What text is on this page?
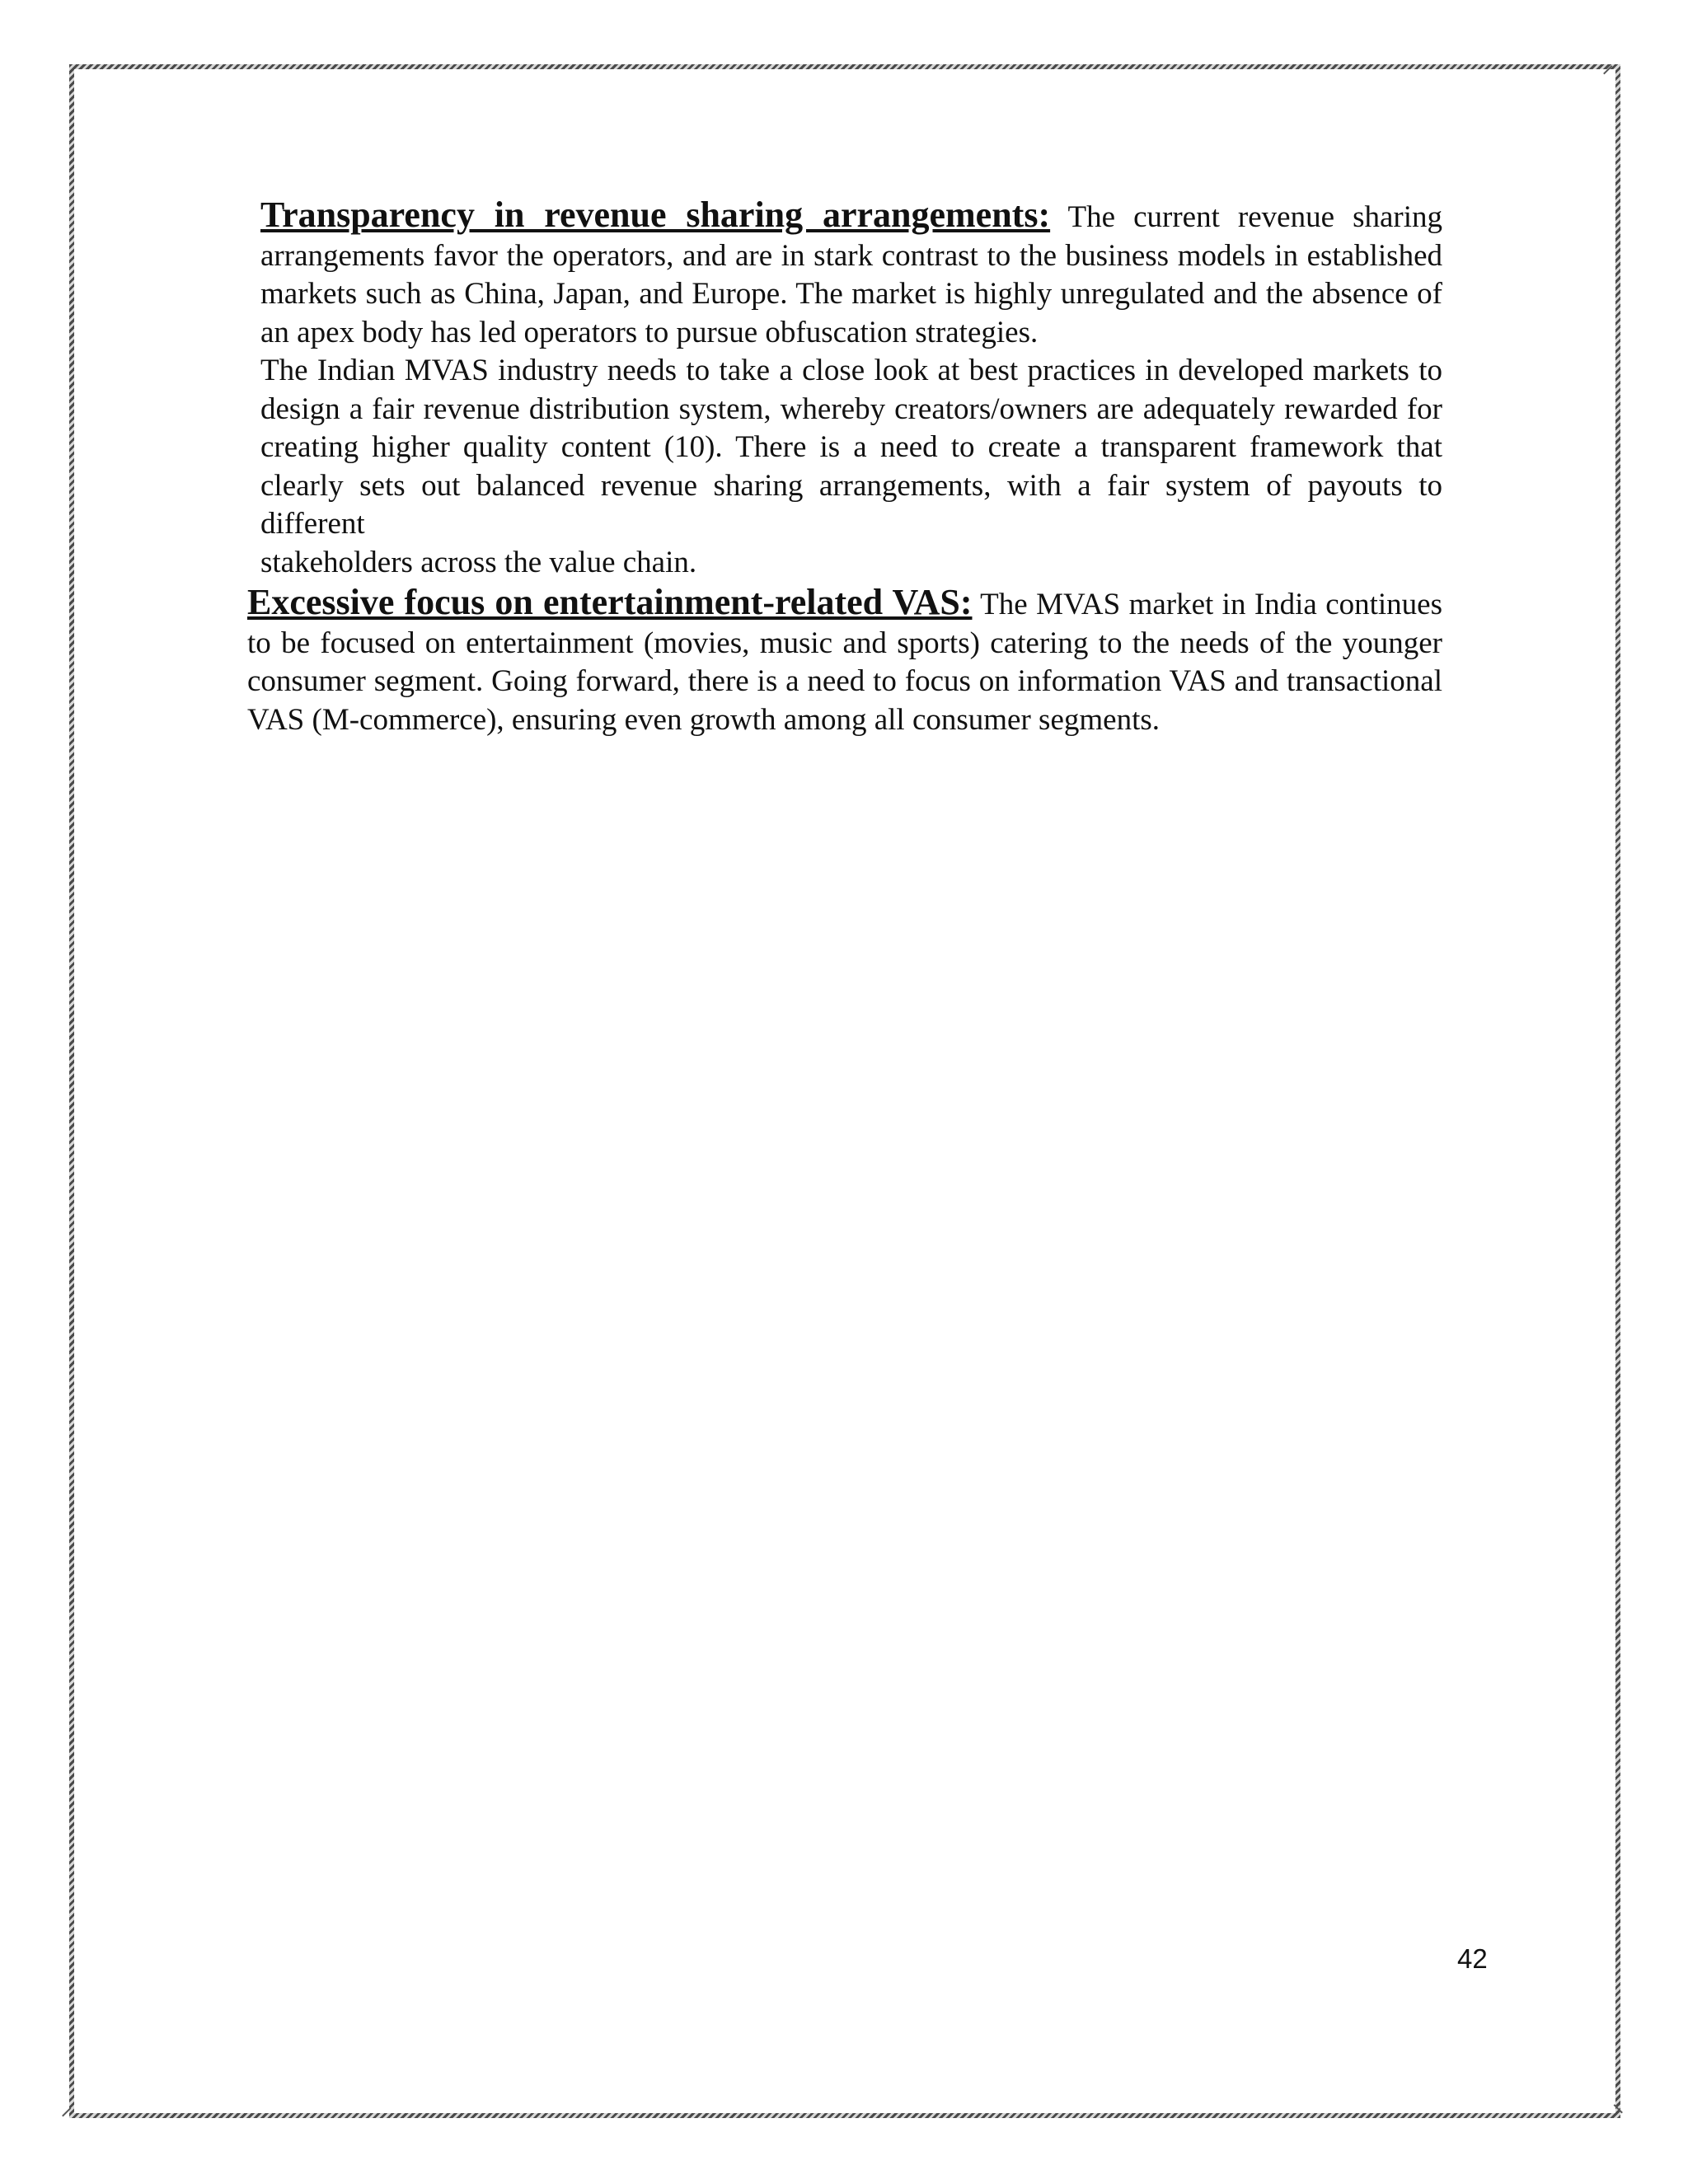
Transparency in revenue sharing arrangements: The current revenue sharing arrangements favor the operators, and are in stark contrast to the business models in established markets such as China, Japan, and Europe. The market is highly unregulated and the absence of an apex body has led operators to pursue obfuscation strategies.

The Indian MVAS industry needs to take a close look at best practices in developed markets to design a fair revenue distribution system, whereby creators/owners are adequately rewarded for creating higher quality content (10). There is a need to create a transparent framework that clearly sets out balanced revenue sharing arrangements, with a fair system of payouts to different

stakeholders across the value chain.

Excessive focus on entertainment-related VAS: The MVAS market in India continues to be focused on entertainment (movies, music and sports) catering to the needs of the younger consumer segment. Going forward, there is a need to focus on information VAS and transactional VAS (M-commerce), ensuring even growth among all consumer segments.

42
